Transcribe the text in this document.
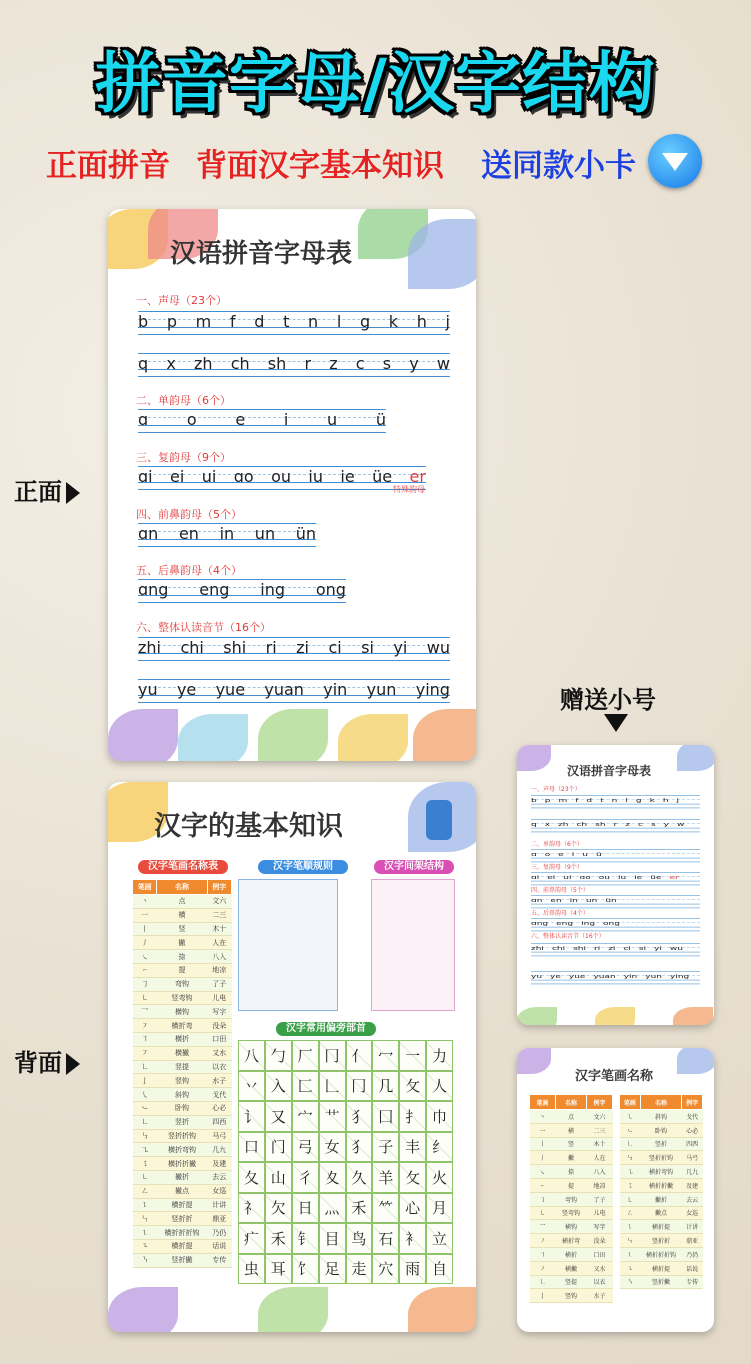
拼音字母/汉字结构
正面拼音 背面汉字基本知识 送同款小卡
正面
背面
赠送小号
汉语拼音字母表
一、声母（23个）
b p m f d t n l g k h j
q x zh ch sh r z c s y w
二、单韵母（6个）
ɑ o e i u ü
三、复韵母（9个）
ɑi ei ui ɑo ou iu ie üe er
特殊韵母
四、前鼻韵母（5个）
ɑn en in un ün
五、后鼻韵母（4个）
ɑng eng ing ong
六、整体认读音节（16个）
zhi chi shi ri zi ci si yi wu
yu ye yue yuan yin yun ying
汉字的基本知识
汉字笔画名称表	汉字笔顺规则	汉字间架结构
笔画	名称	例字
丶	点	文六
一	横	二三
丨	竖	木十
丿	撇	人在
㇏	捺	八入
㇀	提	地凉
㇆	弯钩	了子
㇄	竖弯钩	儿电
乛	横钩	写字
㇇	横折弯	没朵
㇕	横折	口田
㇇	横撇	又水
㇗	竖提	以衣
亅	竖钩	水子
㇂	斜钩	戈代
㇃	卧钩	心必
㇗	竖折	四西
㇉	竖折折钩	马弓
㇈	横折弯钩	几九
㇌	横折折撇	及建
㇄	撇折	去云
㇜	撇点	女巡
㇊	横折提	计讲
㇞	竖折折	鼎亚
㇅	横折折折钩	乃仍
㇍	横折提	话说
㇎	竖折撇	专传
汉字常用偏旁部首
八 勹 厂 冂 亻 冖 一 力
丷 入 匚 𠃊 冂 几 攵 人
讠 又 宀 艹 犭 囗 扌 巾
口 门 弓 女 犭 子 丰 纟
夂 山 彳 夊 久 羊 攵 火
礻 欠 日 灬 禾 ⺮ 心 月
疒 禾 钅 目 鸟 石 衤 立
虫 耳 饣 足 走 穴 雨 自
汉语拼音字母表
一、声母（23个）
二、单韵母（6个）
三、复韵母（9个）
四、前鼻韵母（5个）
五、后鼻韵母（4个）
六、整体认读音节（16个）
b p m f d t n l g k h j
q x zh ch sh r z c s y w
ɑ o e i u ü
ɑi ei ui ɑo ou iu ie üe er
ɑn en in un ün
ɑng eng ing ong
zhi chi shi ri zi ci si yi wu
yu ye yue yuan yin yun ying
汉字笔画名称
笔画	名称	例字
丶	点	文六
一	横	二三
丨	竖	木十
丿	撇	人在
㇏	捺	八入
㇀	提	地凉
㇆	弯钩	了子
㇄	竖弯钩	儿电
乛	横钩	写字
㇇	横折弯	没朵
㇕	横折	口田
㇇	横撇	又水
㇗	竖提	以衣
亅	竖钩	水子
笔画	名称	例字
㇂	斜钩	戈代
㇃	卧钩	心必
㇗	竖折	四西
㇉	竖折折钩	马弓
㇈	横折弯钩	几九
㇌	横折折撇	及建
㇄	撇折	去云
㇜	撇点	女巡
㇊	横折提	计讲
㇞	竖折折	鼎亚
㇅	横折折折钩	乃仍
㇍	横折提	话说
㇎	竖折撇	专传
